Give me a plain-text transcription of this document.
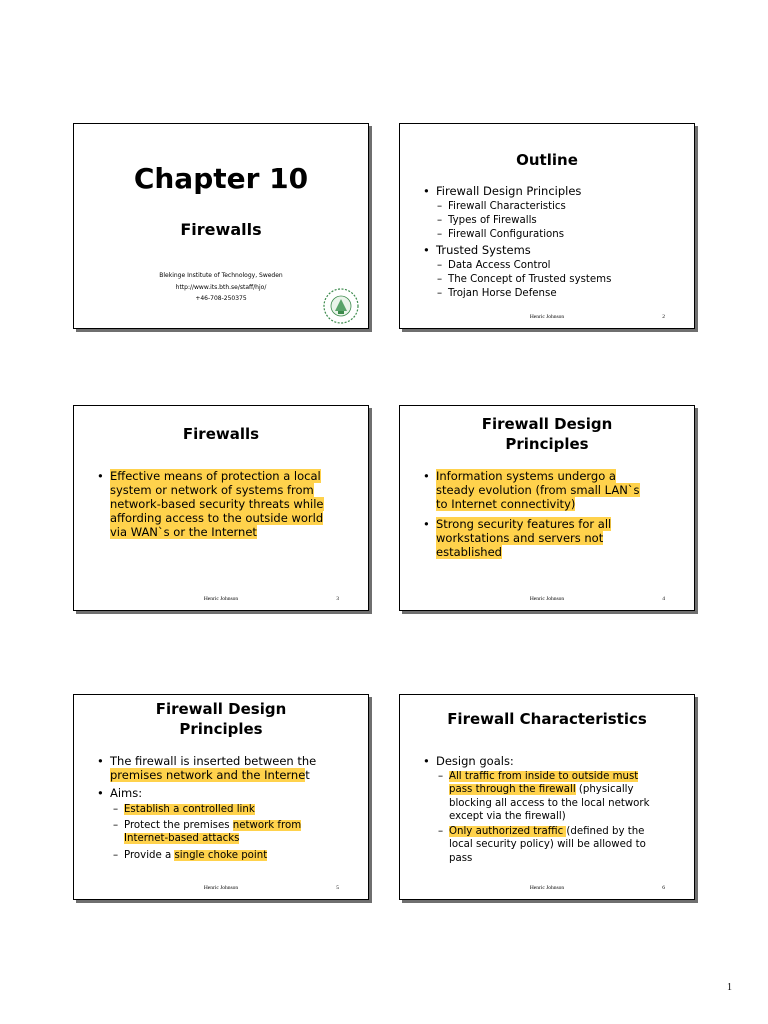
Chapter 10
Firewalls
Blekinge Institute of Technology, Sweden
http://www.its.bth.se/staff/hjo/
+46-708-250375
Outline
• Firewall Design Principles
– Firewall Characteristics
– Types of Firewalls
– Firewall Configurations
• Trusted Systems
– Data Access Control
– The Concept of Trusted systems
– Trojan Horse Defense
Henric Johnson	2
Firewalls
• Effective means of protection a local
system or network of systems from
network-based security threats while
affording access to the outside world
via WAN`s or the Internet
Henric Johnson	3
Firewall Design
Principles
• Information systems undergo a
steady evolution (from small LAN`s
to Internet connectivity)
• Strong security features for all
workstations and servers not
established
Henric Johnson	4
Firewall Design
Principles
• The firewall is inserted between the
premises network and the Internet
• Aims:
– Establish a controlled link
– Protect the premises network from
Internet-based attacks
– Provide a single choke point
Henric Johnson	5
Firewall Characteristics
• Design goals:
– All traffic from inside to outside must
pass through the firewall (physically
blocking all access to the local network
except via the firewall)
– Only authorized traffic (defined by the
local security policy) will be allowed to
pass
Henric Johnson	6
1
